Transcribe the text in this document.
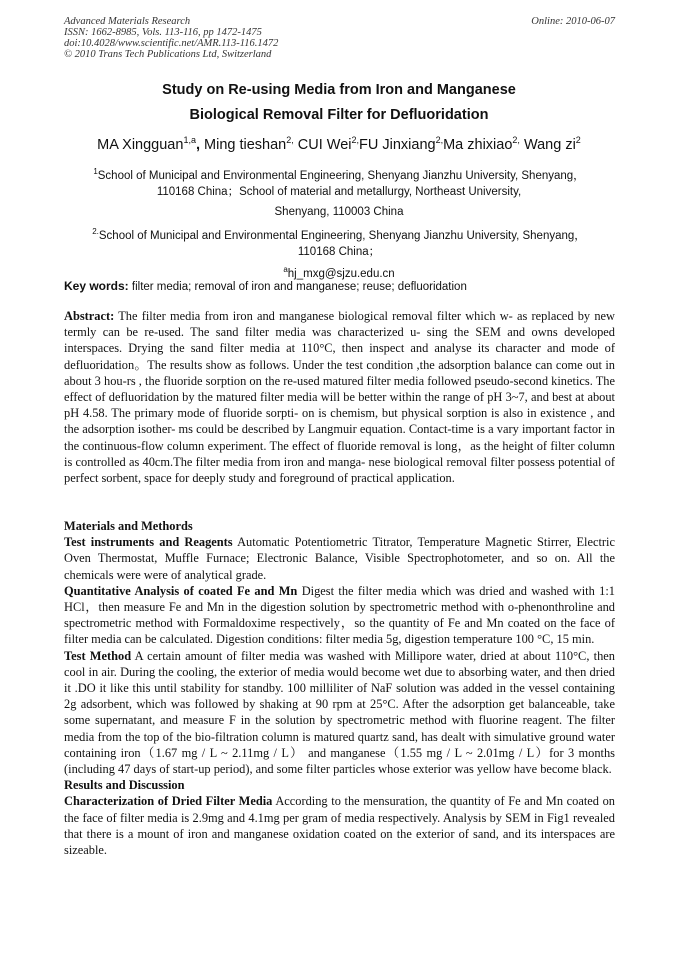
Advanced Materials Research
ISSN: 1662-8985, Vols. 113-116, pp 1472-1475
doi:10.4028/www.scientific.net/AMR.113-116.1472
© 2010 Trans Tech Publications Ltd, Switzerland
Online: 2010-06-07
Study on Re-using Media from Iron and Manganese
Biological Removal Filter for Defluoridation
MA Xingguan$^{1,a}$, Ming tieshan$^{2,}$ CUI Wei$^{2,}$FU Jinxiang$^{2,}$Ma zhixiao$^{2,}$ Wang $zi^2$
$^1$School of Municipal and Environmental Engineering, Shenyang Jianzhu University, Shenyang，
110168 China；School of material and metallurgy, Northeast University,
Shenyang, 110003 China
$^{2.}$School of Municipal and Environmental Engineering, Shenyang Jianzhu University, Shenyang，
110168 China；
$^a$hj_mxg@sjzu.edu.cn
Key words: filter media; removal of iron and manganese; reuse; defluoridation
Abstract: The filter media from iron and manganese biological removal filter which w- as replaced by new termly can be re-used. The sand filter media was characterized u- sing the SEM and owns developed interspaces. Drying the sand filter media at 110°C, then inspect and analyse its character and mode of defluoridation。The results show as follows. Under the test condition ,the adsorption balance can come out in about 3 hou-rs , the fluoride sorption on the re-used matured filter media followed pseudo-second kinetics. The effect of defluoridation by the matured filter media will be better within the range of pH 3~7, and best at about pH 4.58. The primary mode of fluoride sorpti- on is chemism, but physical sorption is also in existence , and the adsorption isother- ms could be described by Langmuir equation. Contact-time is a vary important factor in the continuous-flow column experiment. The effect of fluoride removal is long，as the height of filter column is controlled as 40cm.The filter media from iron and manga- nese biological removal filter possess potential of perfect sorbent, space for deeply study and foreground of practical application.
Materials and Methords
Test instruments and Reagents Automatic Potentiometric Titrator, Temperature Magnetic Stirrer, Electric Oven Thermostat, Muffle Furnace; Electronic Balance, Visible Spectrophotometer, and so on. All the chemicals were were of analytical grade.
Quantitative Analysis of coated Fe and Mn Digest the filter media which was dried and washed with 1:1 HCl，then measure Fe and Mn in the digestion solution by spectrometric method with o-phenonthroline and spectrometric method with Formaldoxime respectively，so the quantity of Fe and Mn coated on the face of filter media can be calculated. Digestion conditions: filter media 5g, digestion temperature 100 °C, 15 min.
Test Method A certain amount of filter media was washed with Millipore water, dried at about 110°C, then cool in air. During the cooling, the exterior of media would become wet due to absorbing water, and then dried it .DO it like this until stability for standby. 100 milliliter of NaF solution was added in the vessel containing 2g adsorbent, which was followed by shaking at 90 rpm at 25°C. After the adsorption get balanceable, take some supernatant, and measure F in the solution by spectrometric method with fluorine reagent. The filter media from the top of the bio-filtration column is matured quartz sand, has dealt with simulative ground water containing iron（1.67 mg / L ~ 2.11mg / L） and manganese（1.55 mg / L ~ 2.01mg / L）for 3 months (including 47 days of start-up period), and some filter particles whose exterior was yellow have become black.
Results and Discussion
Characterization of Dried Filter Media According to the mensuration, the quantity of Fe and Mn coated on the face of filter media is 2.9mg and 4.1mg per gram of media respectively. Analysis by SEM in Fig1 revealed that there is a mount of iron and manganese oxidation coated on the exterior of sand, and its interspaces are sizeable.
